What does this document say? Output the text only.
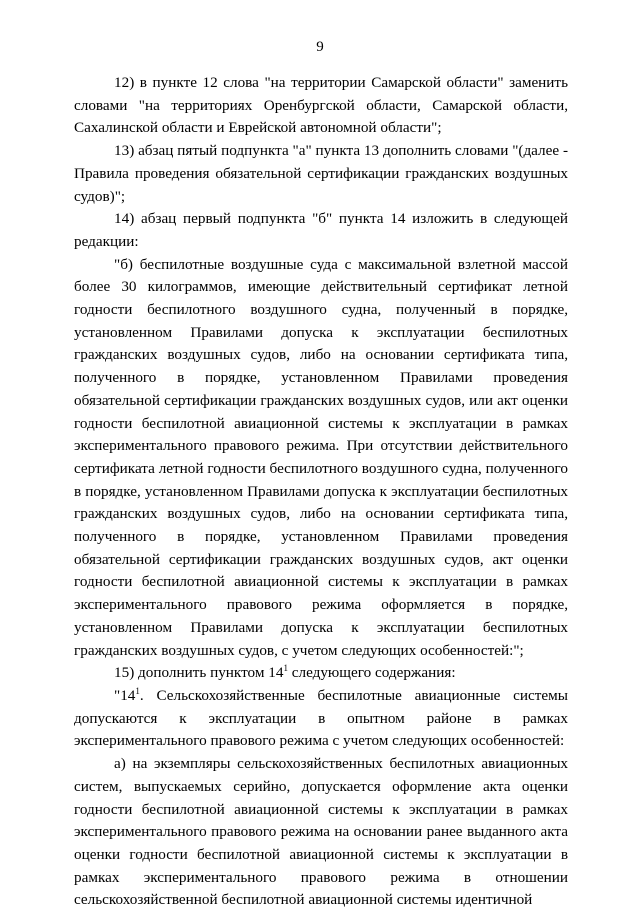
9

12) в пункте 12 слова "на территории Самарской области" заменить словами "на территориях Оренбургской области, Самарской области, Сахалинской области и Еврейской автономной области";

13) абзац пятый подпункта "а" пункта 13 дополнить словами "(далее - Правила проведения обязательной сертификации гражданских воздушных судов)";

14) абзац первый подпункта "б" пункта 14 изложить в следующей редакции:

"б) беспилотные воздушные суда с максимальной взлетной массой более 30 килограммов, имеющие действительный сертификат летной годности беспилотного воздушного судна, полученный в порядке, установленном Правилами допуска к эксплуатации беспилотных гражданских воздушных судов, либо на основании сертификата типа, полученного в порядке, установленном Правилами проведения обязательной сертификации гражданских воздушных судов, или акт оценки годности беспилотной авиационной системы к эксплуатации в рамках экспериментального правового режима. При отсутствии действительного сертификата летной годности беспилотного воздушного судна, полученного в порядке, установленном Правилами допуска к эксплуатации беспилотных гражданских воздушных судов, либо на основании сертификата типа, полученного в порядке, установленном Правилами проведения обязательной сертификации гражданских воздушных судов, акт оценки годности беспилотной авиационной системы к эксплуатации в рамках экспериментального правового режима оформляется в порядке, установленном Правилами допуска к эксплуатации беспилотных гражданских воздушных судов, с учетом следующих особенностей:";

15) дополнить пунктом $14^1$ следующего содержания:

"$14^1$. Сельскохозяйственные беспилотные авиационные системы допускаются к эксплуатации в опытном районе в рамках экспериментального правового режима с учетом следующих особенностей:

а) на экземпляры сельскохозяйственных беспилотных авиационных систем, выпускаемых серийно, допускается оформление акта оценки годности беспилотной авиационной системы к эксплуатации в рамках экспериментального правового режима на основании ранее выданного акта оценки годности беспилотной авиационной системы к эксплуатации в рамках экспериментального правового режима в отношении сельскохозяйственной беспилотной авиационной системы идентичной
